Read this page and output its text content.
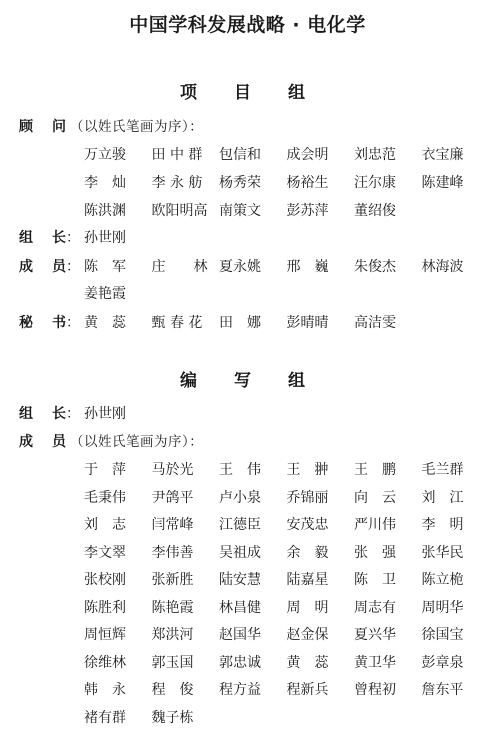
中国学科发展战略 · 电化学
项　目　组
顾 问 （以姓氏笔画为序）：
万立骏 田 中 群 包信和 成会明 刘忠范 衣宝廉
李　灿 李 永 舫 杨秀荣 杨裕生 汪尔康 陈建峰
陈洪渊 欧阳明高 南策文 彭苏萍 董绍俊
组 长： 孙世刚
成 员： 陈　军 庄　　林 夏永姚 邢　巍 朱俊杰 林海波
姜艳霞
秘 书： 黄　蕊 甄 春 花 田　娜 彭晴晴 高洁雯
编　写　组
组 长： 孙世刚
成 员 （以姓氏笔画为序）：
于　萍 马於光 王　伟 王　翀 王　鹏 毛兰群
毛秉伟 尹鸽平 卢小泉 乔锦丽 向　云 刘　江
刘　志 闫常峰 江德臣 安茂忠 严川伟 李　明
李文翠 李伟善 吴祖成 余　毅 张　强 张华民
张校刚 张新胜 陆安慧 陆嘉星 陈　卫 陈立桅
陈胜利 陈艳霞 林昌健 周　明 周志有 周明华
周恒辉 郑洪河 赵国华 赵金保 夏兴华 徐国宝
徐维林 郭玉国 郭忠诚 黄　蕊 黄卫华 彭章泉
韩　永 程　俊 程方益 程新兵 曾程初 詹东平
褚有群 魏子栋
